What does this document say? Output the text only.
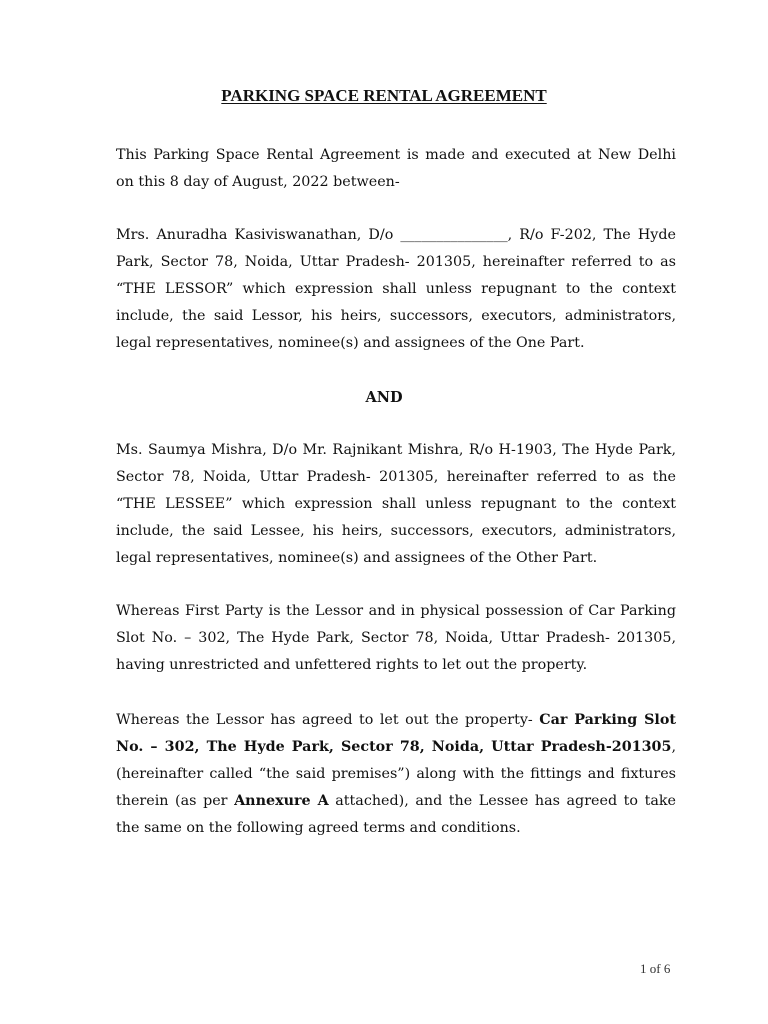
PARKING SPACE RENTAL AGREEMENT
This Parking Space Rental Agreement is made and executed at New Delhi on this 8 day of August, 2022 between-
Mrs. Anuradha Kasiviswanathan, D/o _______________, R/o F-202, The Hyde Park, Sector 78, Noida, Uttar Pradesh- 201305, hereinafter referred to as “THE LESSOR” which expression shall unless repugnant to the context include, the said Lessor, his heirs, successors, executors, administrators, legal representatives, nominee(s) and assignees of the One Part.
AND
Ms. Saumya Mishra, D/o Mr. Rajnikant Mishra, R/o H-1903, The Hyde Park, Sector 78, Noida, Uttar Pradesh- 201305, hereinafter referred to as the “THE LESSEE” which expression shall unless repugnant to the context include, the said Lessee, his heirs, successors, executors, administrators, legal representatives, nominee(s) and assignees of the Other Part.
Whereas First Party is the Lessor and in physical possession of Car Parking Slot No. – 302, The Hyde Park, Sector 78, Noida, Uttar Pradesh- 201305, having unrestricted and unfettered rights to let out the property.
Whereas the Lessor has agreed to let out the property- Car Parking Slot No. – 302, The Hyde Park, Sector 78, Noida, Uttar Pradesh-201305, (hereinafter called “the said premises”) along with the fittings and fixtures therein (as per Annexure A attached), and the Lessee has agreed to take the same on the following agreed terms and conditions.
1 of 6
